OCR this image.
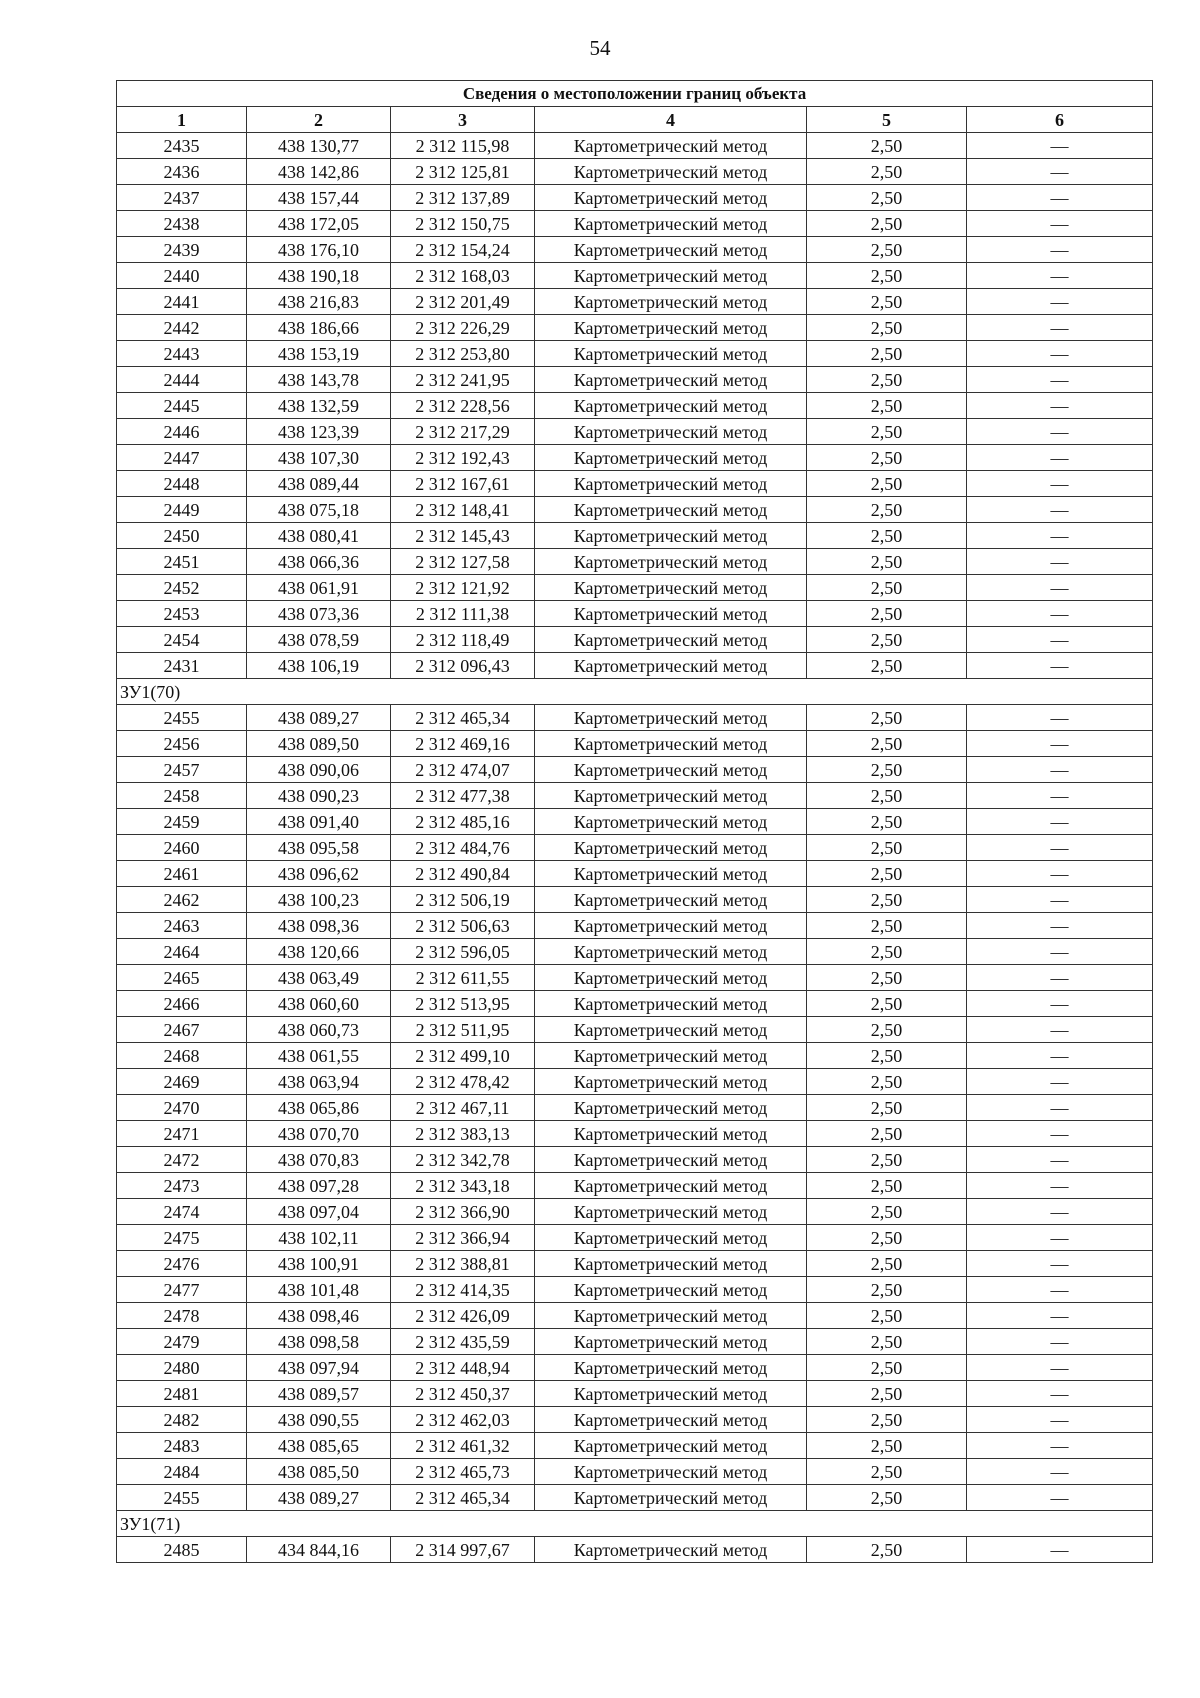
54
Сведения о местоположении границ объекта					
1	2	3	4	5	6
2435	438 130,77	2 312 115,98	Картометрический метод	2,50	—
2436	438 142,86	2 312 125,81	Картометрический метод	2,50	—
2437	438 157,44	2 312 137,89	Картометрический метод	2,50	—
2438	438 172,05	2 312 150,75	Картометрический метод	2,50	—
2439	438 176,10	2 312 154,24	Картометрический метод	2,50	—
2440	438 190,18	2 312 168,03	Картометрический метод	2,50	—
2441	438 216,83	2 312 201,49	Картометрический метод	2,50	—
2442	438 186,66	2 312 226,29	Картометрический метод	2,50	—
2443	438 153,19	2 312 253,80	Картометрический метод	2,50	—
2444	438 143,78	2 312 241,95	Картометрический метод	2,50	—
2445	438 132,59	2 312 228,56	Картометрический метод	2,50	—
2446	438 123,39	2 312 217,29	Картометрический метод	2,50	—
2447	438 107,30	2 312 192,43	Картометрический метод	2,50	—
2448	438 089,44	2 312 167,61	Картометрический метод	2,50	—
2449	438 075,18	2 312 148,41	Картометрический метод	2,50	—
2450	438 080,41	2 312 145,43	Картометрический метод	2,50	—
2451	438 066,36	2 312 127,58	Картометрический метод	2,50	—
2452	438 061,91	2 312 121,92	Картометрический метод	2,50	—
2453	438 073,36	2 312 111,38	Картометрический метод	2,50	—
2454	438 078,59	2 312 118,49	Картометрический метод	2,50	—
2431	438 106,19	2 312 096,43	Картометрический метод	2,50	—
ЗУ1(70)					
2455	438 089,27	2 312 465,34	Картометрический метод	2,50	—
2456	438 089,50	2 312 469,16	Картометрический метод	2,50	—
2457	438 090,06	2 312 474,07	Картометрический метод	2,50	—
2458	438 090,23	2 312 477,38	Картометрический метод	2,50	—
2459	438 091,40	2 312 485,16	Картометрический метод	2,50	—
2460	438 095,58	2 312 484,76	Картометрический метод	2,50	—
2461	438 096,62	2 312 490,84	Картометрический метод	2,50	—
2462	438 100,23	2 312 506,19	Картометрический метод	2,50	—
2463	438 098,36	2 312 506,63	Картометрический метод	2,50	—
2464	438 120,66	2 312 596,05	Картометрический метод	2,50	—
2465	438 063,49	2 312 611,55	Картометрический метод	2,50	—
2466	438 060,60	2 312 513,95	Картометрический метод	2,50	—
2467	438 060,73	2 312 511,95	Картометрический метод	2,50	—
2468	438 061,55	2 312 499,10	Картометрический метод	2,50	—
2469	438 063,94	2 312 478,42	Картометрический метод	2,50	—
2470	438 065,86	2 312 467,11	Картометрический метод	2,50	—
2471	438 070,70	2 312 383,13	Картометрический метод	2,50	—
2472	438 070,83	2 312 342,78	Картометрический метод	2,50	—
2473	438 097,28	2 312 343,18	Картометрический метод	2,50	—
2474	438 097,04	2 312 366,90	Картометрический метод	2,50	—
2475	438 102,11	2 312 366,94	Картометрический метод	2,50	—
2476	438 100,91	2 312 388,81	Картометрический метод	2,50	—
2477	438 101,48	2 312 414,35	Картометрический метод	2,50	—
2478	438 098,46	2 312 426,09	Картометрический метод	2,50	—
2479	438 098,58	2 312 435,59	Картометрический метод	2,50	—
2480	438 097,94	2 312 448,94	Картометрический метод	2,50	—
2481	438 089,57	2 312 450,37	Картометрический метод	2,50	—
2482	438 090,55	2 312 462,03	Картометрический метод	2,50	—
2483	438 085,65	2 312 461,32	Картометрический метод	2,50	—
2484	438 085,50	2 312 465,73	Картометрический метод	2,50	—
2455	438 089,27	2 312 465,34	Картометрический метод	2,50	—
ЗУ1(71)					
2485	434 844,16	2 314 997,67	Картометрический метод	2,50	—
